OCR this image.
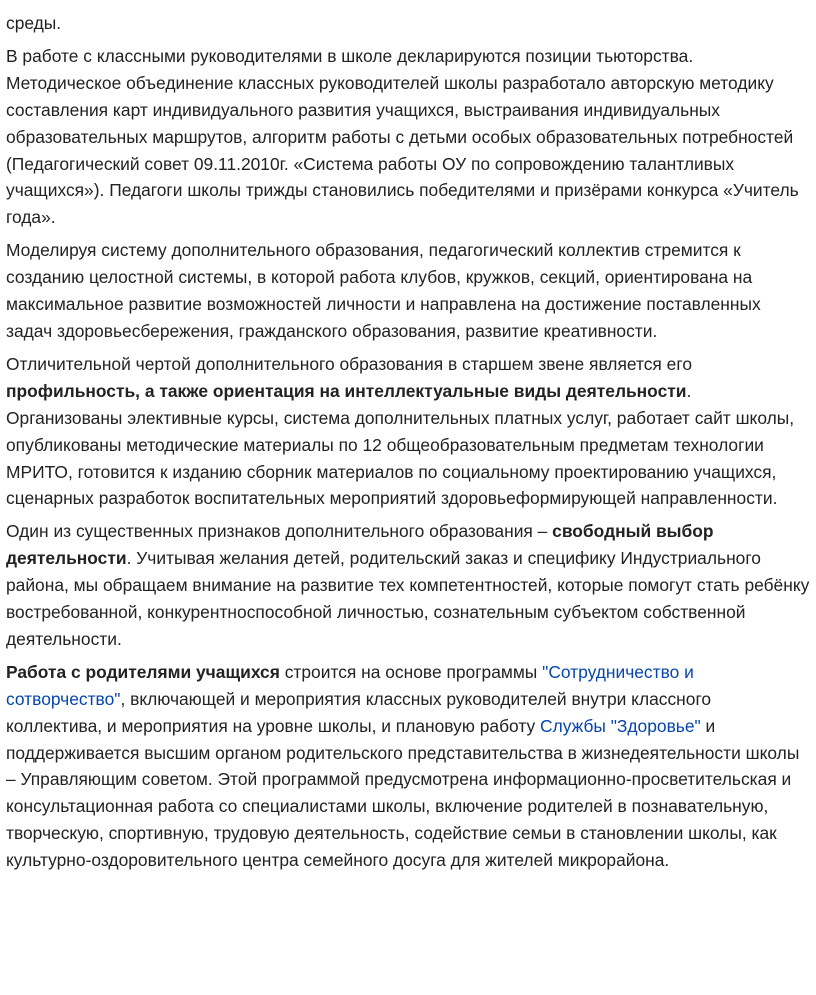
среды.

В работе с классными руководителями в школе декларируются позиции тьюторства. Методическое объединение классных руководителей школы разработало авторскую методику составления карт индивидуального развития учащихся, выстраивания индивидуальных образовательных маршрутов, алгоритм работы с детьми особых образовательных потребностей (Педагогический совет 09.11.2010г. «Система работы ОУ по сопровождению талантливых учащихся»). Педагоги школы трижды становились победителями и призёрами конкурса «Учитель года».

Моделируя систему дополнительного образования, педагогический коллектив стремится к созданию целостной системы, в которой работа клубов, кружков, секций, ориентирована на максимальное развитие возможностей личности и направлена на достижение поставленных задач здоровьесбережения, гражданского образования, развитие креативности.

Отличительной чертой дополнительного образования в старшем звене является его профильность, а также ориентация на интеллектуальные виды деятельности. Организованы элективные курсы, система дополнительных платных услуг, работает сайт школы, опубликованы методические материалы по 12 общеобразовательным предметам технологии МРИТО, готовится к изданию сборник материалов по социальному проектированию учащихся, сценарных разработок воспитательных мероприятий здоровьеформирующей направленности.

Один из существенных признаков дополнительного образования – свободный выбор деятельности. Учитывая желания детей, родительский заказ и специфику Индустриального района, мы обращаем внимание на развитие тех компетентностей, которые помогут стать ребёнку востребованной, конкурентноспособной личностью, сознательным субъектом собственной деятельности.

Работа с родителями учащихся строится на основе программы "Сотрудничество и сотворчество", включающей и мероприятия классных руководителей внутри классного коллектива, и мероприятия на уровне школы, и плановую работу Службы "Здоровье" и поддерживается высшим органом родительского представительства в жизнедеятельности школы – Управляющим советом. Этой программой предусмотрена информационно-просветительская и консультационная работа со специалистами школы, включение родителей в познавательную, творческую, спортивную, трудовую деятельность, содействие семьи в становлении школы, как культурно-оздоровительного центра семейного досуга для жителей микрорайона.
